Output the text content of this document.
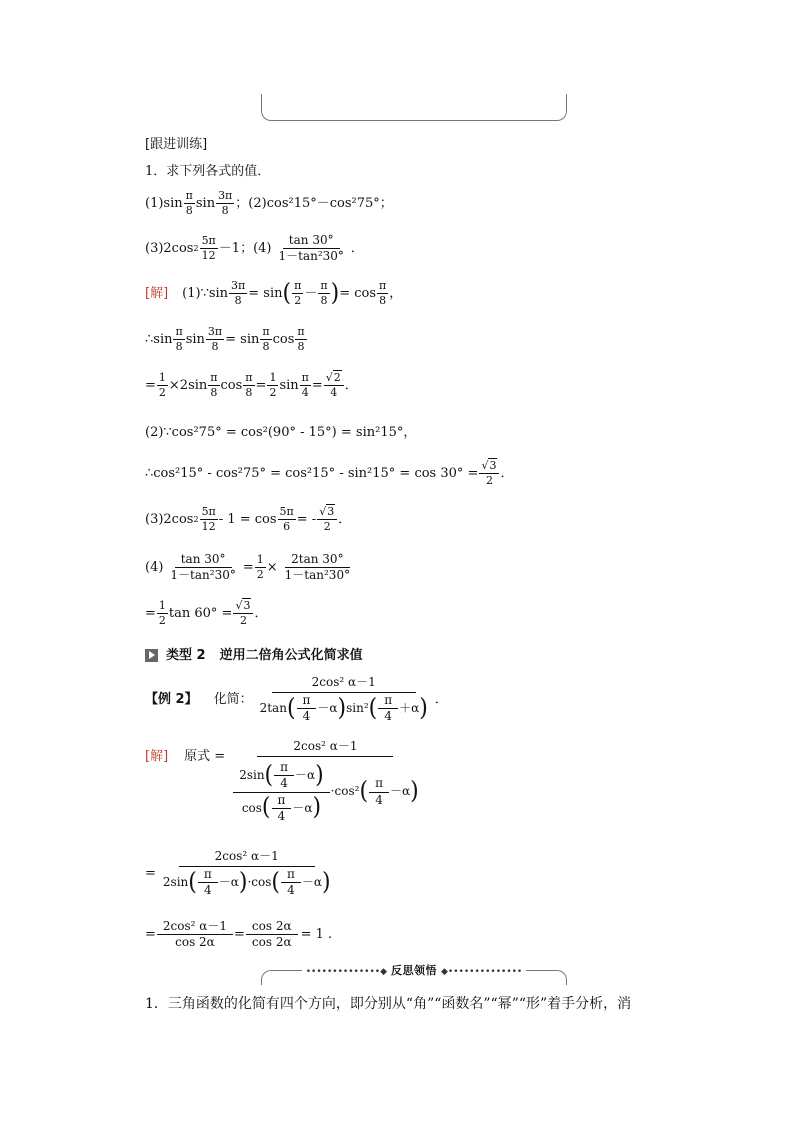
[跟进训练]
1．求下列各式的值．
$(1)\sin \frac{\pi}{8}$ $\sin \frac{3\pi}{8}$ ；(2)cos²15°－cos²75°；
(3)2cos $2 \frac{5\pi}{12} -1$；$(4) \frac{\tan 30^\circ}{\text{1－tan²30°}}$ ．
[解] (1)∵sin $\frac{3\pi}{8} = \sin$ ( $\frac{\pi}{2} - \frac{\pi}{8}$ ) = $\cos \frac{\pi}{8}$ ，
∴sin $\frac{\pi}{8}$ $\sin \frac{3\pi}{8} = \sin \frac{\pi}{8}$ $\cos \frac{\pi}{8}$
= $\frac{1}{2} \times 2\sin \frac{\pi}{8}$ $\cos \frac{\pi}{8} = \frac{1}{2}$ $\sin \frac{\pi}{4} = \frac{√2}{4}$ ．
(2)∵cos²75° = cos²(90° - 15°) = sin²15°，
∴cos²15° - $\cos^275^\circ = \cos^215^\circ - \sin^215^\circ = \cos 30^\circ = \frac{√3}{2}$ ．
(3)2cos $2 \frac{5\pi}{12} - 1 = \cos \frac{5\pi}{6}$ = - $\frac{√3}{2}$ ．
$(4) \frac{\tan 30^\circ}{\text{1－tan²30°}} = \frac{1}{2} \times \frac{2\tan 30^\circ}{\text{1－tan²30°}}$
= $\frac{1}{2}$ $\tan 60^\circ = \frac{√3}{2}$ ．
类型 2 逆用二倍角公式化简求值
【例 2】 化简： $\frac{\text{2cos² α－1}}{2\tan ( \frac{\pi}{4} -\alpha ) \sin^2 ( \frac{\pi}{4} +\alpha )}$ ．
[解] 原式 =
2cos² α－1
$\frac{2\sin ( \frac{\pi}{4} -\alpha )}{\cos ( \frac{\pi}{4} -\alpha )} \cdot\cos^2$ ( $\frac{\pi}{4} -\alpha$ )
= $\frac{\text{2cos² α－1}}{2\sin ( \frac{\pi}{4} -\alpha ) \cdot\cos ( \frac{\pi}{4} -\alpha )}$
= $\frac{\text{2cos² α－1}}{\cos 2\alpha} = \frac{\cos 2\alpha}{\cos 2\alpha} = 1$ .
••••••••••••••◆ 反思领悟 ◆••••••••••••••
1．三角函数的化简有四个方向，即分别从“角”“函数名”“幂”“形”着手分析，消
